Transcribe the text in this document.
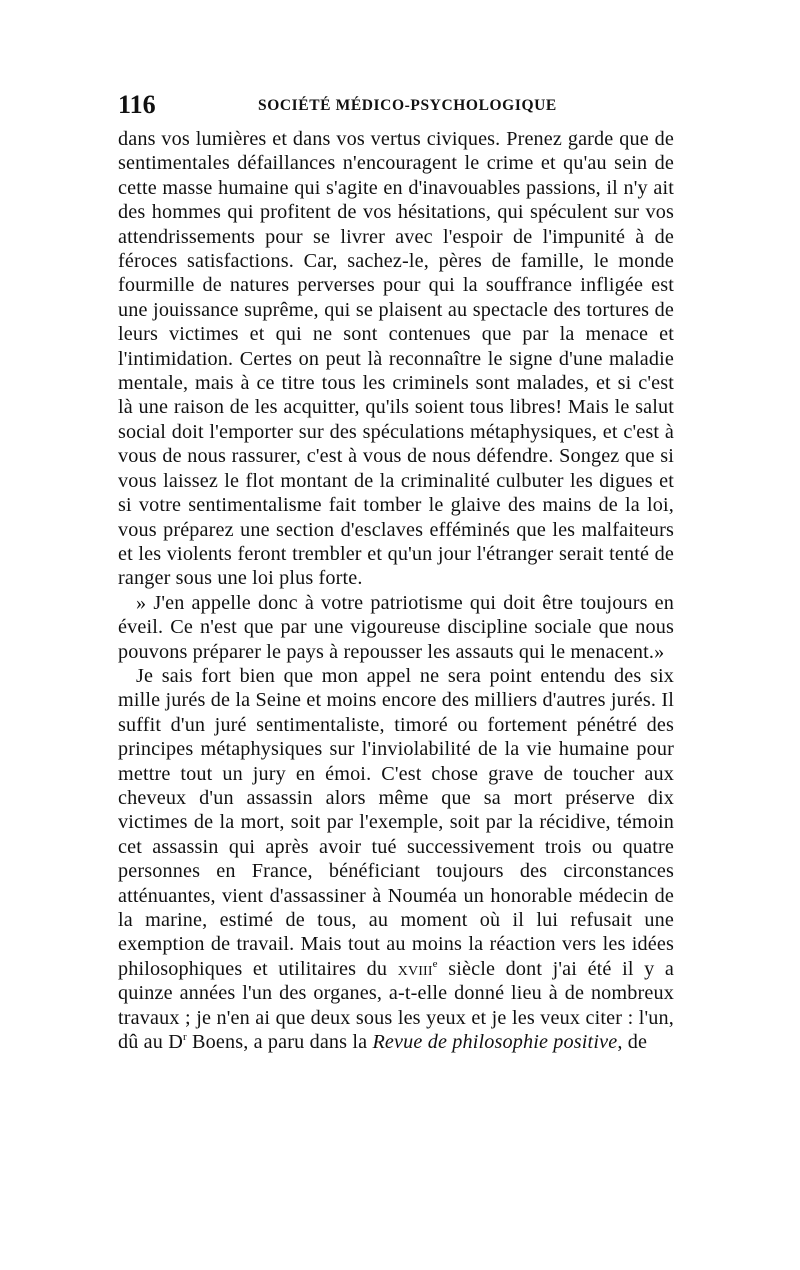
116	SOCIÉTÉ MÉDICO-PSYCHOLOGIQUE

dans vos lumières et dans vos vertus civiques. Prenez garde que de sentimentales défaillances n'encouragent le crime et qu'au sein de cette masse humaine qui s'agite en d'inavouables passions, il n'y ait des hommes qui profitent de vos hésitations, qui spéculent sur vos attendrissements pour se livrer avec l'espoir de l'impunité à de féroces satisfactions. Car, sachez-le, pères de famille, le monde fourmille de natures perverses pour qui la souffrance infligée est une jouissance suprême, qui se plaisent au spectacle des tortures de leurs victimes et qui ne sont contenues que par la menace et l'intimidation. Certes on peut là reconnaître le signe d'une maladie mentale, mais à ce titre tous les criminels sont malades, et si c'est là une raison de les acquitter, qu'ils soient tous libres! Mais le salut social doit l'emporter sur des spéculations métaphysiques, et c'est à vous de nous rassurer, c'est à vous de nous défendre. Songez que si vous laissez le flot montant de la criminalité culbuter les digues et si votre sentimentalisme fait tomber le glaive des mains de la loi, vous préparez une section d'esclaves efféminés que les malfaiteurs et les violents feront trembler et qu'un jour l'étranger serait tenté de ranger sous une loi plus forte.

» J'en appelle donc à votre patriotisme qui doit être toujours en éveil. Ce n'est que par une vigoureuse discipline sociale que nous pouvons préparer le pays à repousser les assauts qui le menacent.»

Je sais fort bien que mon appel ne sera point entendu des six mille jurés de la Seine et moins encore des milliers d'autres jurés. Il suffit d'un juré sentimentaliste, timoré ou fortement pénétré des principes métaphysiques sur l'inviolabilité de la vie humaine pour mettre tout un jury en émoi. C'est chose grave de toucher aux cheveux d'un assassin alors même que sa mort préserve dix victimes de la mort, soit par l'exemple, soit par la récidive, témoin cet assassin qui après avoir tué successivement trois ou quatre personnes en France, bénéficiant toujours des circonstances atténuantes, vient d'assassiner à Nouméa un honorable médecin de la marine, estimé de tous, au moment où il lui refusait une exemption de travail. Mais tout au moins la réaction vers les idées philosophiques et utilitaires du xviii$^e$ siècle dont j'ai été il y a quinze années l'un des organes, a-t-elle donné lieu à de nombreux travaux ; je n'en ai que deux sous les yeux et je les veux citer : l'un, dû au $D^r$ Boens, a paru dans la Revue de philosophie positive, de
